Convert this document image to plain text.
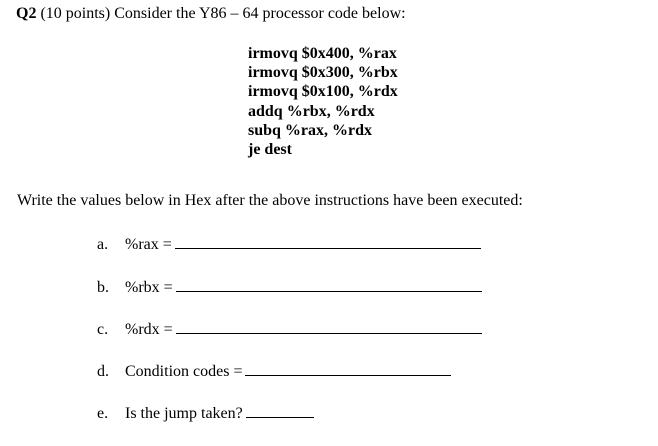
Q2 (10 points) Consider the Y86 – 64 processor code below:
irmovq $0x400, %rax
irmovq $0x300, %rbx
irmovq $0x100, %rdx
addq %rbx, %rdx
subq %rax, %rdx
je dest
Write the values below in Hex after the above instructions have been executed:
a.	%rax =
b.	%rbx =
c.	%rdx =
d.	Condition codes =
e.	Is the jump taken?
